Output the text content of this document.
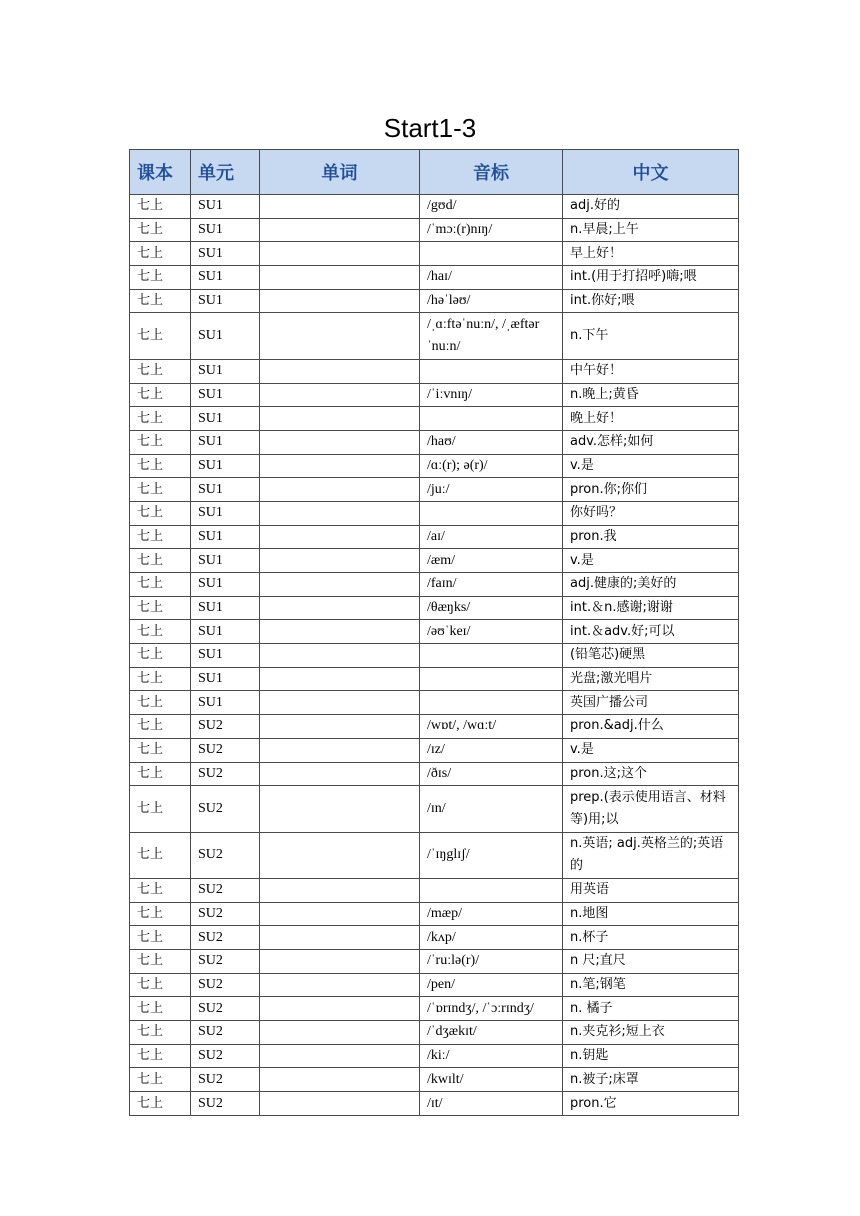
Start1-3
课本	单元	单词	音标	中文
七上	SU1		/gʊd/	adj.好的
七上	SU1		/ˈmɔː(r)nɪŋ/	n.早晨;上午
七上	SU1			早上好！
七上	SU1		/haɪ/	int.(用于打招呼)嗨;喂
七上	SU1		/həˈləʊ/	int.你好;喂
七上	SU1		/ˌɑːftəˈnuːn/, /ˌæftərˈnuːn/	n.下午
七上	SU1			中午好！
七上	SU1		/ˈiːvnɪŋ/	n.晚上;黄昏
七上	SU1			晚上好！
七上	SU1		/haʊ/	adv.怎样;如何
七上	SU1		/ɑː(r); ə(r)/	v.是
七上	SU1		/juː/	pron.你;你们
七上	SU1			你好吗？
七上	SU1		/aɪ/	pron.我
七上	SU1		/æm/	v.是
七上	SU1		/faɪn/	adj.健康的;美好的
七上	SU1		/θæŋks/	int.＆n.感谢;谢谢
七上	SU1		/əʊˈkeɪ/	int.＆adv.好;可以
七上	SU1			(铅笔芯)硬黑
七上	SU1			光盘;激光唱片
七上	SU1			英国广播公司
七上	SU2		/wɒt/, /wɑːt/	pron.&adj.什么
七上	SU2		/ɪz/	v.是
七上	SU2		/ðɪs/	pron.这;这个
七上	SU2		/ɪn/	prep.(表示使用语言、材料等)用;以
七上	SU2		/ˈɪŋglɪʃ/	n.英语; adj.英格兰的;英语的
七上	SU2			用英语
七上	SU2		/mæp/	n.地图
七上	SU2		/kʌp/	n.杯子
七上	SU2		/ˈruːlə(r)/	n 尺;直尺
七上	SU2		/pen/	n.笔;钢笔
七上	SU2		/ˈɒrɪndʒ/, /ˈɔːrɪndʒ/	n. 橘子
七上	SU2		/ˈdʒækɪt/	n.夹克衫;短上衣
七上	SU2		/kiː/	n.钥匙
七上	SU2		/kwɪlt/	n.被子;床罩
七上	SU2		/ɪt/	pron.它
